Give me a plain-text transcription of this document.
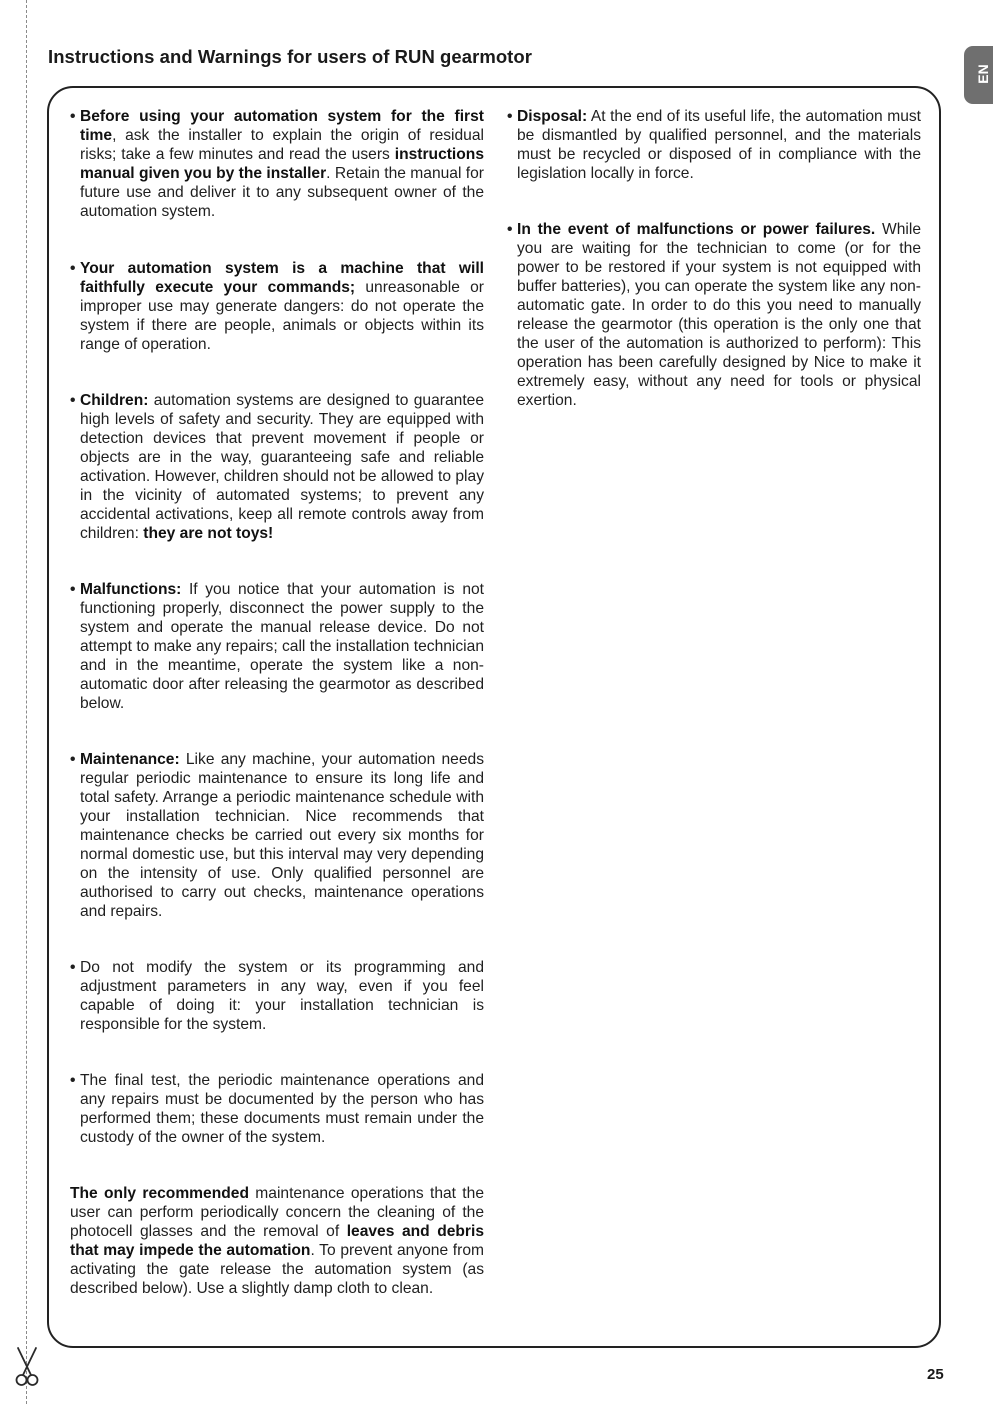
Instructions and Warnings for users of RUN gearmotor
EN
• Before using your automation system for the first time, ask the installer to explain the origin of residual risks; take a few minutes and read the users instructions manual given you by the installer. Retain the manual for future use and deliver it to any subsequent owner of the automation system.
• Your automation system is a machine that will faithfully execute your commands; unreasonable or improper use may generate dangers: do not operate the system if there are people, animals or objects within its range of operation.
• Children: automation systems are designed to guarantee high levels of safety and security. They are equipped with detection devices that prevent movement if people or objects are in the way, guaranteeing safe and reliable activation. However, children should not be allowed to play in the vicinity of automated systems; to prevent any accidental activations, keep all remote controls away from children: they are not toys!
• Malfunctions: If you notice that your automation is not functioning properly, disconnect the power supply to the system and operate the manual release device. Do not attempt to make any repairs; call the installation technician and in the meantime, operate the system like a non-automatic door after releasing the gearmotor as described below.
• Maintenance: Like any machine, your automation needs regular periodic maintenance to ensure its long life and total safety. Arrange a periodic maintenance schedule with your installation technician. Nice recommends that maintenance checks be carried out every six months for normal domestic use, but this interval may very depending on the intensity of use. Only qualified personnel are authorised to carry out checks, maintenance operations and repairs.
• Do not modify the system or its programming and adjustment parameters in any way, even if you feel capable of doing it: your installation technician is responsible for the system.
• The final test, the periodic maintenance operations and any repairs must be documented by the person who has performed them; these documents must remain under the custody of the owner of the system.

The only recommended maintenance operations that the user can perform periodically concern the cleaning of the photocell glasses and the removal of leaves and debris that may impede the automation. To prevent anyone from activating the gate release the automation system (as described below). Use a slightly damp cloth to clean.

• Disposal: At the end of its useful life, the automation must be dismantled by qualified personnel, and the materials must be recycled or disposed of in compliance with the legislation locally in force.
• In the event of malfunctions or power failures. While you are waiting for the technician to come (or for the power to be restored if your system is not equipped with buffer batteries), you can operate the system like any non-automatic gate. In order to do this you need to manually release the gearmotor (this operation is the only one that the user of the automation is authorized to perform): This operation has been carefully designed by Nice to make it extremely easy, without any need for tools or physical exertion.
25
